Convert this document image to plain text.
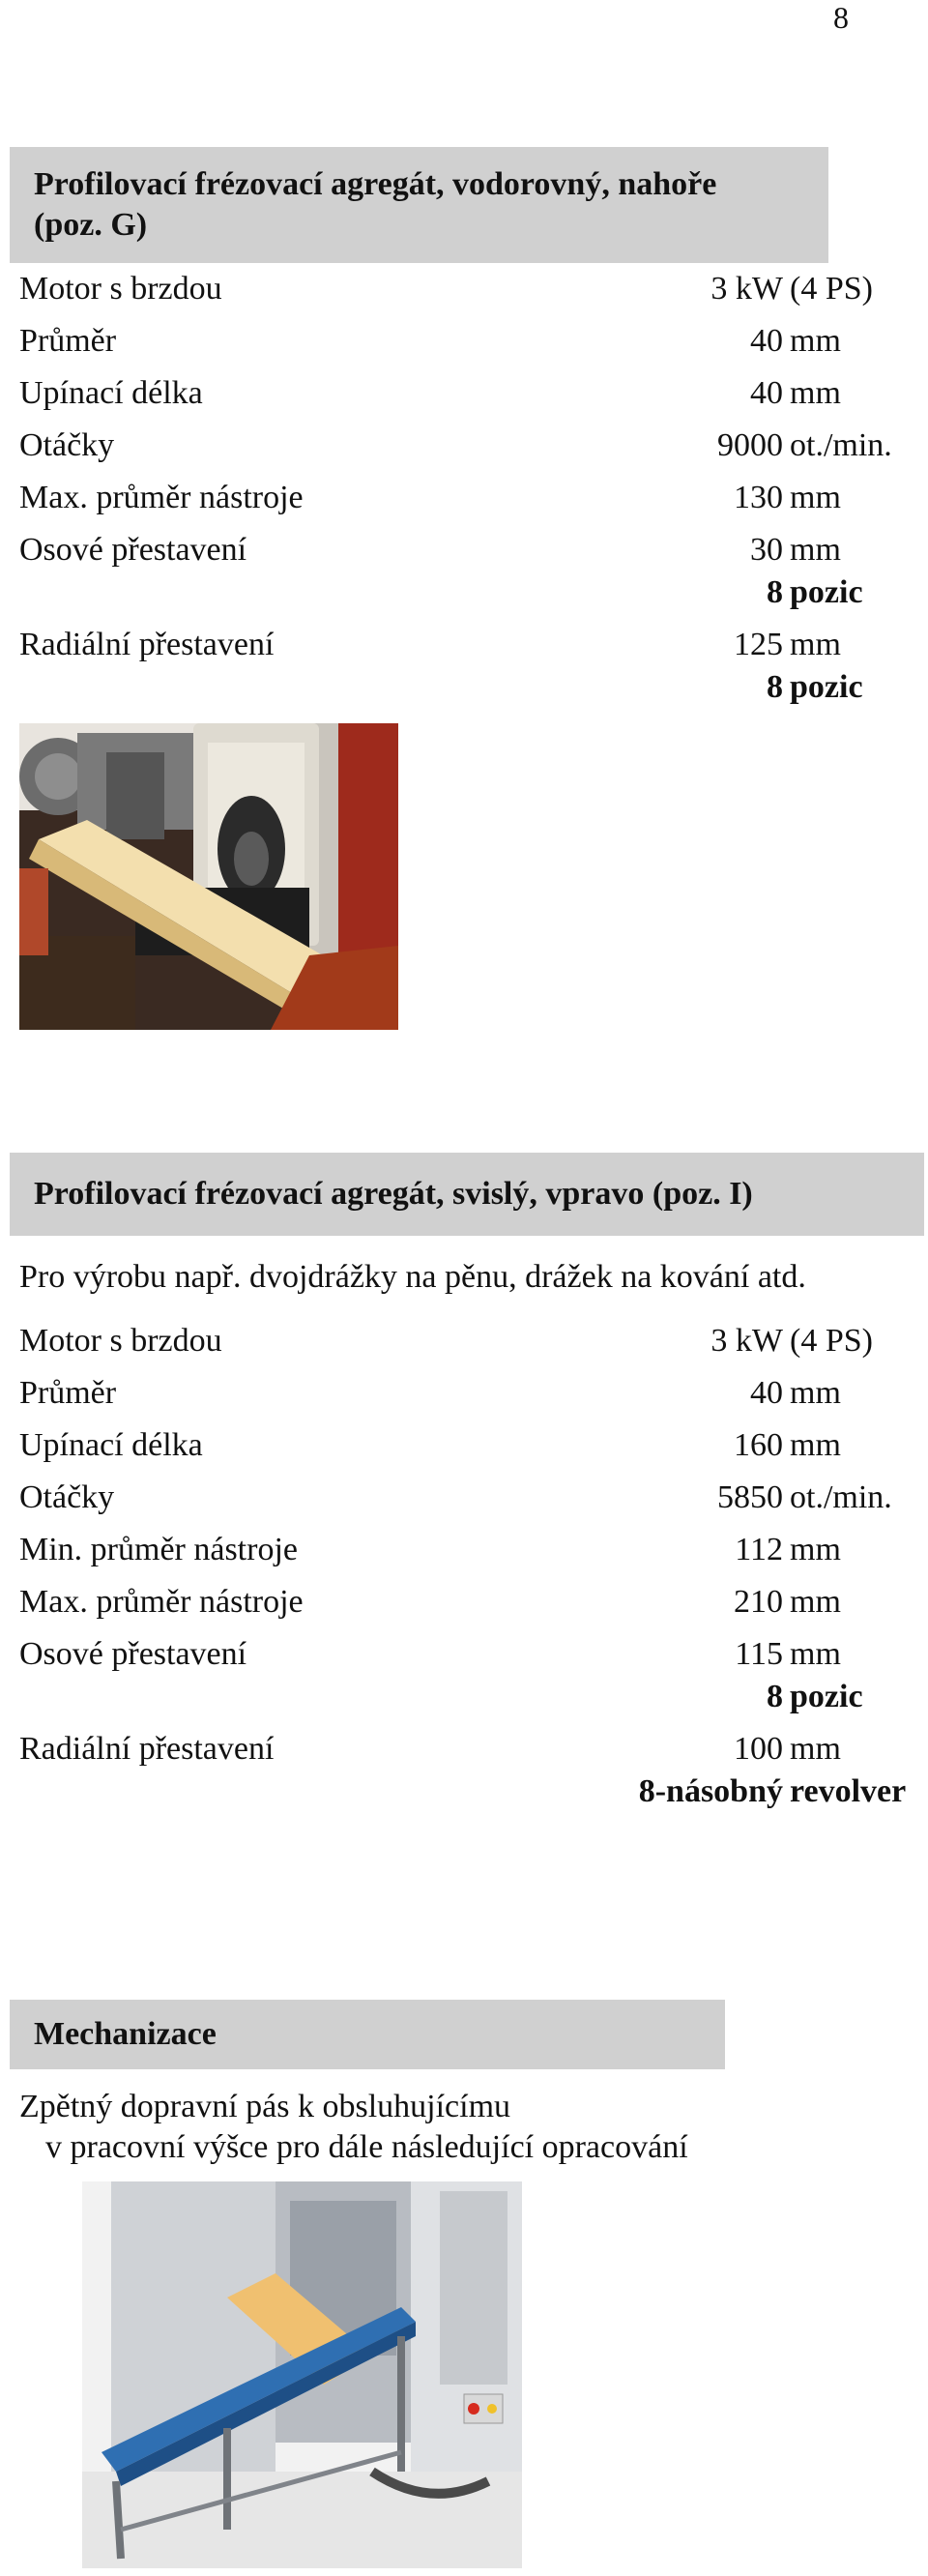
8
Profilovací frézovací agregát, vodorovný, nahoře
(poz. G)
Motor s brzdou	3 kW (4 PS)
Průměr	40 mm
Upínací délka	40 mm
Otáčky	9000 ot./min.
Max. průměr nástroje	130 mm
Osové přestavení	30 mm
8 pozic
Radiální přestavení	125 mm
8 pozic
Profilovací frézovací agregát, svislý, vpravo (poz. I)
Pro výrobu např. dvojdrážky na pěnu, drážek na kování atd.
Motor s brzdou	3 kW (4 PS)
Průměr	40 mm
Upínací délka	160 mm
Otáčky	5850 ot./min.
Min. průměr nástroje	112 mm
Max. průměr nástroje	210 mm
Osové přestavení	115 mm
8 pozic
Radiální přestavení	100 mm
8-násobný revolver
Mechanizace
Zpětný dopravní pás k obsluhujícímu
v pracovní výšce pro dále následující opracování
